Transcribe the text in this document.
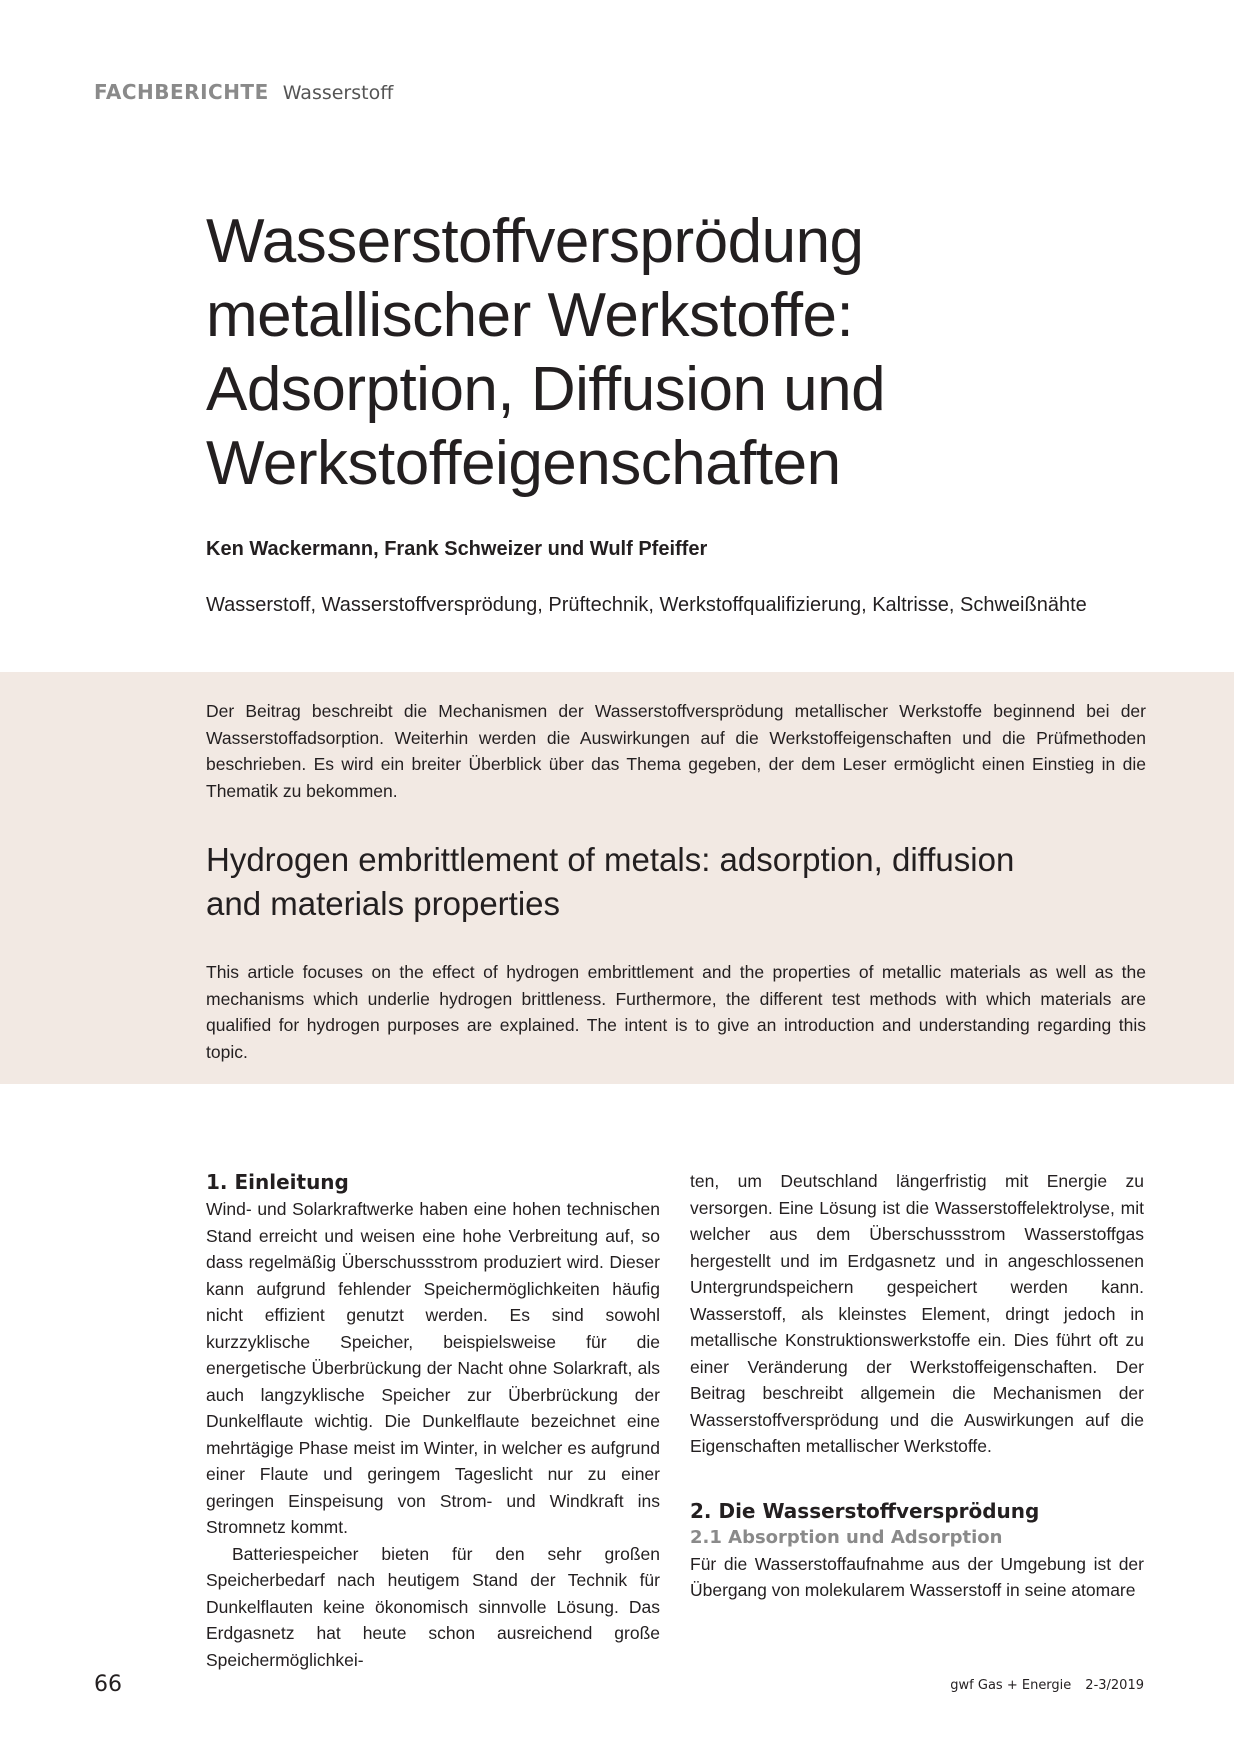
FACHBERICHTE Wasserstoff
Wasserstoffversprödung
metallischer Werkstoffe:
Adsorption, Diffusion und
Werkstoffeigenschaften
Ken Wackermann, Frank Schweizer und Wulf Pfeiffer
Wasserstoff, Wasserstoffversprödung, Prüftechnik, Werkstoffqualifizierung, Kaltrisse, Schweißnähte

Der Beitrag beschreibt die Mechanismen der Wasserstoffversprödung metallischer Werkstoffe beginnend bei der Wasserstoffadsorption. Weiterhin werden die Auswirkungen auf die Werkstoffeigenschaften und die Prüfmethoden beschrieben. Es wird ein breiter Überblick über das Thema gegeben, der dem Leser ermöglicht einen Einstieg in die Thematik zu bekommen.

Hydrogen embrittlement of metals: adsorption, diffusion
and materials properties

This article focuses on the effect of hydrogen embrittlement and the properties of metallic materials as well as the mechanisms which underlie hydrogen brittleness. Furthermore, the different test methods with which materials are qualified for hydrogen purposes are explained. The intent is to give an introduction and understanding regarding this topic.

1. Einleitung

Wind- und Solarkraftwerke haben eine hohen technischen Stand erreicht und weisen eine hohe Verbreitung auf, so dass regelmäßig Überschussstrom produziert wird. Dieser kann aufgrund fehlender Speichermöglichkeiten häufig nicht effizient genutzt werden. Es sind sowohl kurzzyklische Speicher, beispielsweise für die energetische Überbrückung der Nacht ohne Solarkraft, als auch langzyklische Speicher zur Überbrückung der Dunkelflaute wichtig. Die Dunkelflaute bezeichnet eine mehrtägige Phase meist im Winter, in welcher es aufgrund einer Flaute und geringem Tageslicht nur zu einer geringen Einspeisung von Strom- und Windkraft ins Stromnetz kommt.

Batteriespeicher bieten für den sehr großen Speicherbedarf nach heutigem Stand der Technik für Dunkelflauten keine ökonomisch sinnvolle Lösung. Das Erdgasnetz hat heute schon ausreichend große Speichermöglichkei-

ten, um Deutschland längerfristig mit Energie zu versorgen. Eine Lösung ist die Wasserstoffelektrolyse, mit welcher aus dem Überschussstrom Wasserstoffgas hergestellt und im Erdgasnetz und in angeschlossenen Untergrundspeichern gespeichert werden kann. Wasserstoff, als kleinstes Element, dringt jedoch in metallische Konstruktionswerkstoffe ein. Dies führt oft zu einer Veränderung der Werkstoffeigenschaften. Der Beitrag beschreibt allgemein die Mechanismen der Wasserstoffversprödung und die Auswirkungen auf die Eigenschaften metallischer Werkstoffe.

2. Die Wasserstoffversprödung
2.1 Absorption und Adsorption

Für die Wasserstoffaufnahme aus der Umgebung ist der Übergang von molekularem Wasserstoff in seine atomare

66	gwf Gas + Energie 2-3/2019
